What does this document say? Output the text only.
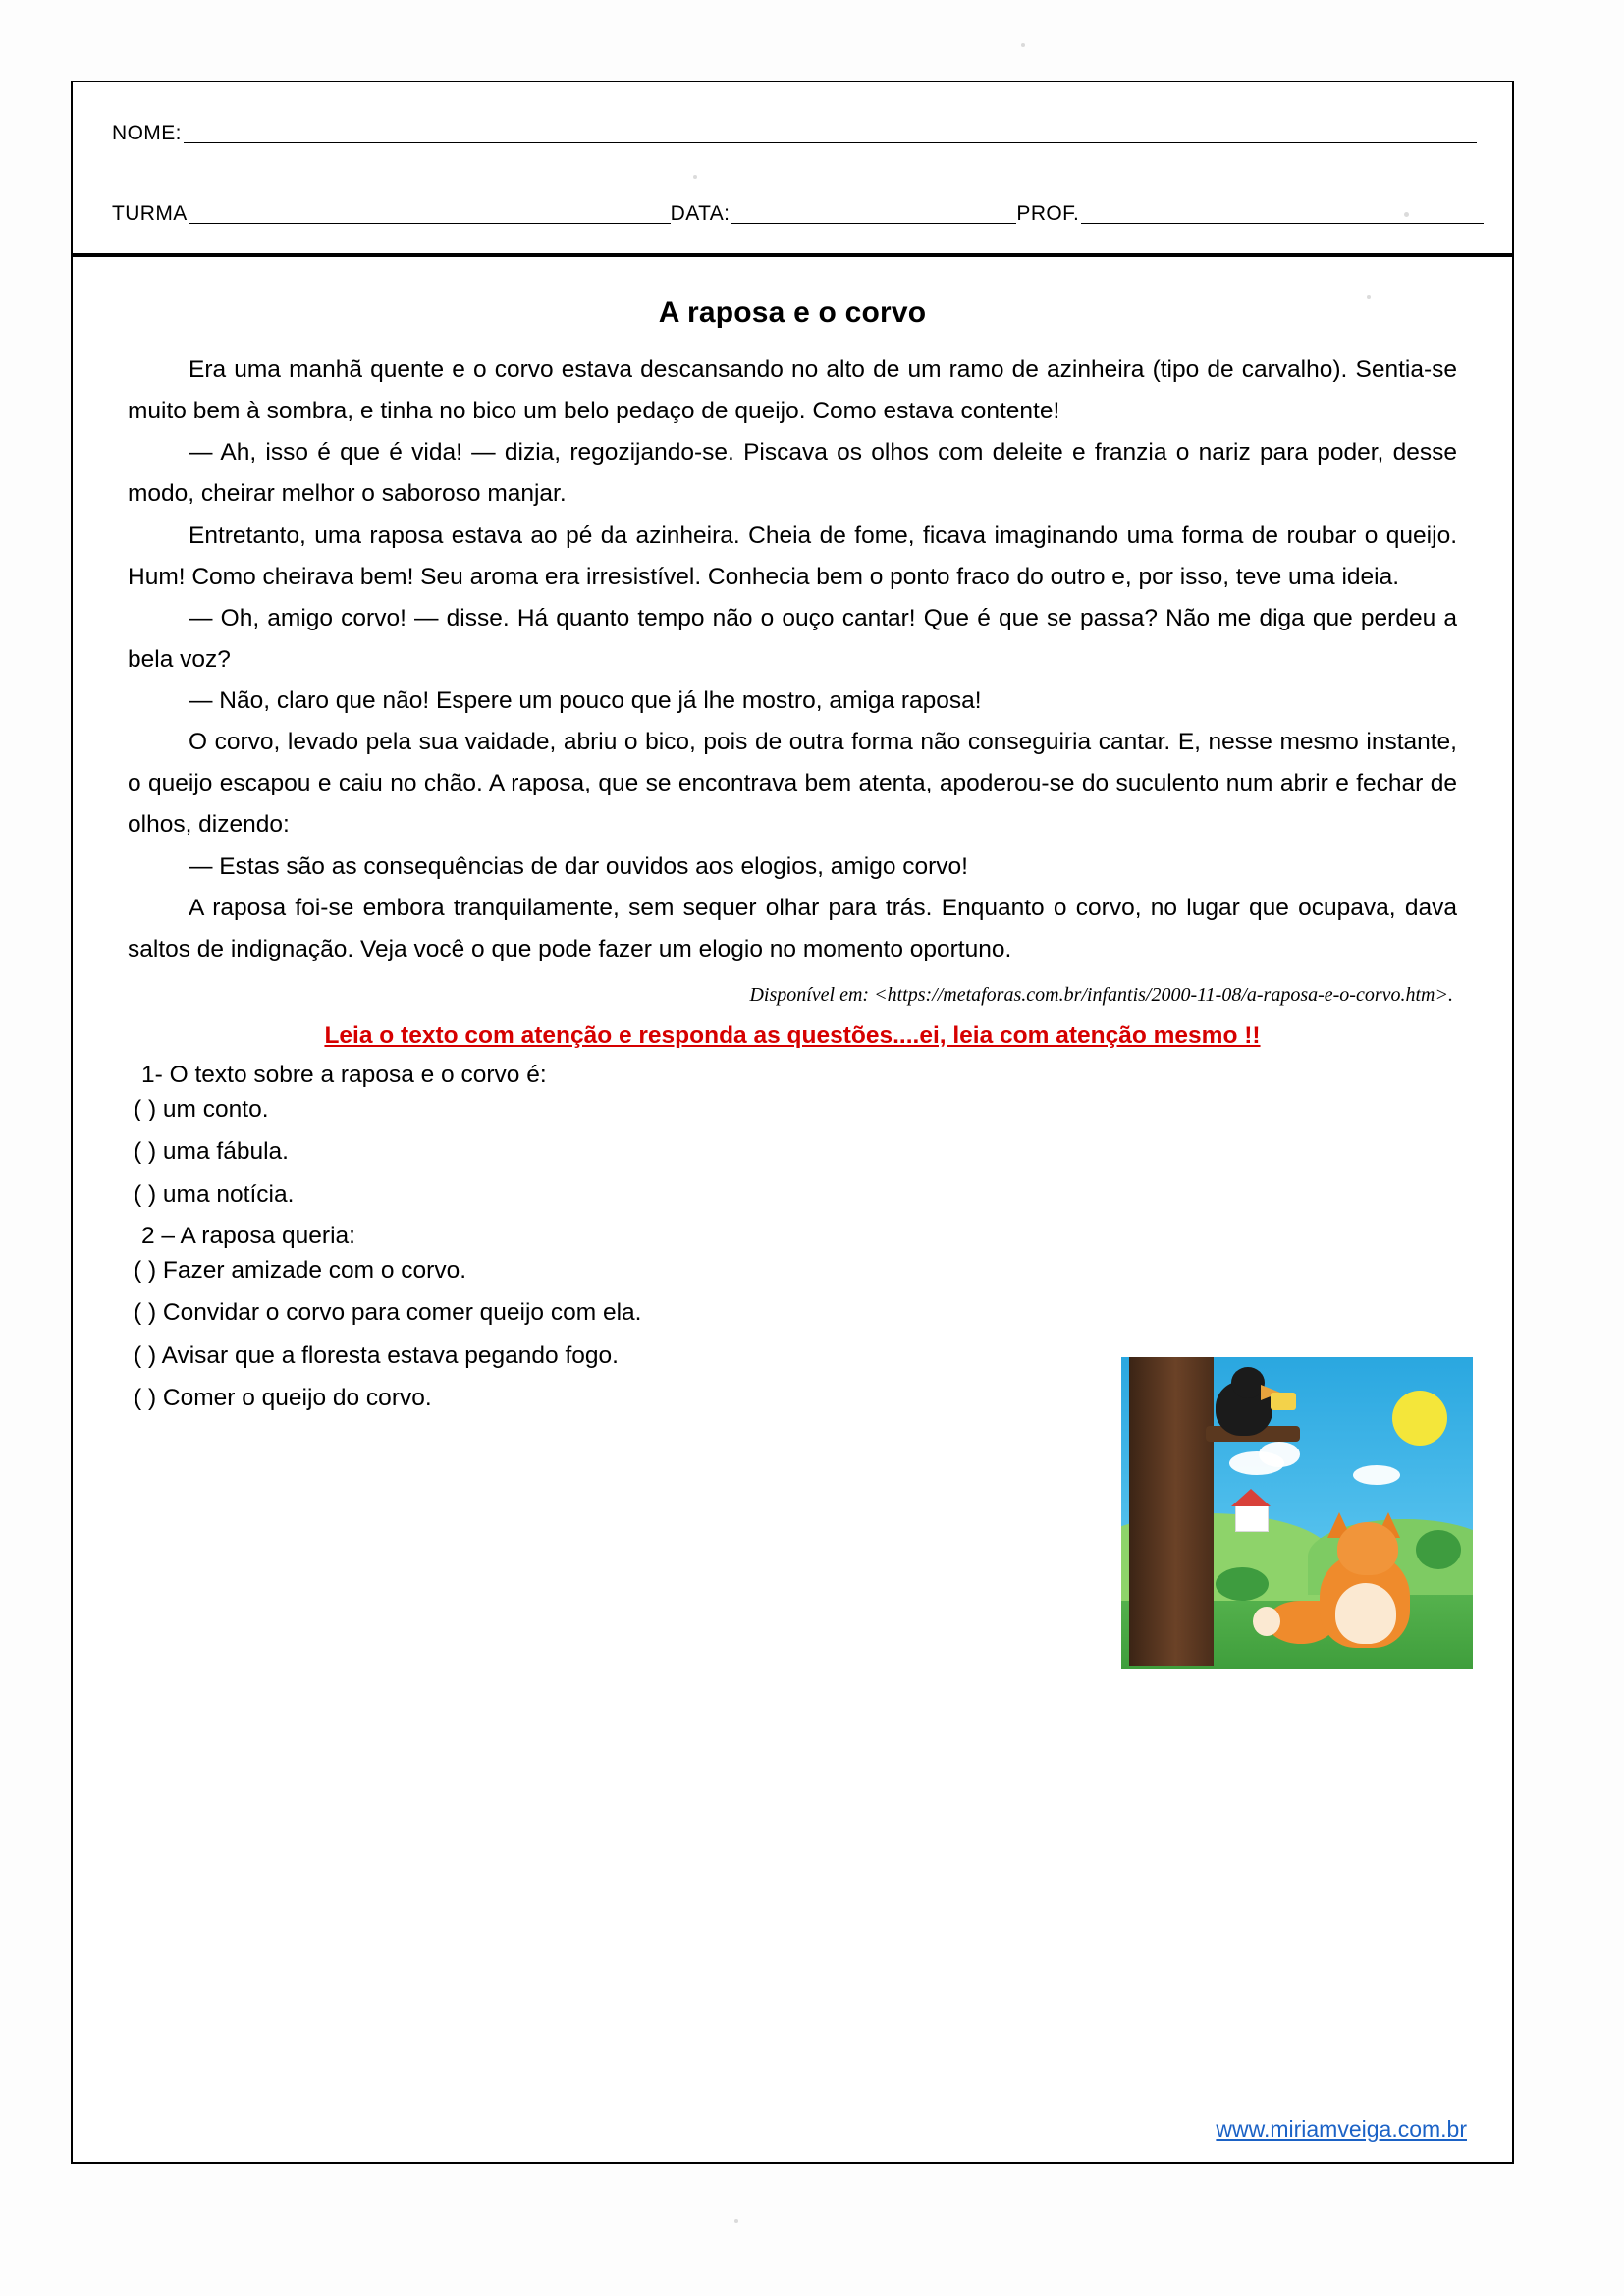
NOME:
TURMA	DATA:	PROF.
A raposa e o corvo

Era uma manhã quente e o corvo estava descansando no alto de um ramo de azinheira (tipo de carvalho). Sentia-se muito bem à sombra, e tinha no bico um belo pedaço de queijo. Como estava contente!

— Ah, isso é que é vida! — dizia, regozijando-se. Piscava os olhos com deleite e franzia o nariz para poder, desse modo, cheirar melhor o saboroso manjar.

Entretanto, uma raposa estava ao pé da azinheira. Cheia de fome, ficava imaginando uma forma de roubar o queijo. Hum! Como cheirava bem! Seu aroma era irresistível. Conhecia bem o ponto fraco do outro e, por isso, teve uma ideia.

— Oh, amigo corvo! — disse. Há quanto tempo não o ouço cantar! Que é que se passa? Não me diga que perdeu a bela voz?

— Não, claro que não! Espere um pouco que já lhe mostro, amiga raposa!

O corvo, levado pela sua vaidade, abriu o bico, pois de outra forma não conseguiria cantar. E, nesse mesmo instante, o queijo escapou e caiu no chão. A raposa, que se encontrava bem atenta, apoderou-se do suculento num abrir e fechar de olhos, dizendo:

— Estas são as consequências de dar ouvidos aos elogios, amigo corvo!

A raposa foi-se embora tranquilamente, sem sequer olhar para trás. Enquanto o corvo, no lugar que ocupava, dava saltos de indignação. Veja você o que pode fazer um elogio no momento oportuno.

Disponível em: <https://metaforas.com.br/infantis/2000-11-08/a-raposa-e-o-corvo.htm>.
Leia o texto com atenção e responda as questões....ei, leia com atenção mesmo !!
1- O texto sobre a raposa e o corvo é:
( ) um conto.
( ) uma fábula.
( ) uma notícia.
2 – A raposa queria:
( ) Fazer amizade com o corvo.
( ) Convidar o corvo para comer queijo com ela.
( ) Avisar que a floresta estava pegando fogo.
( ) Comer o queijo do corvo.
www.miriamveiga.com.br
